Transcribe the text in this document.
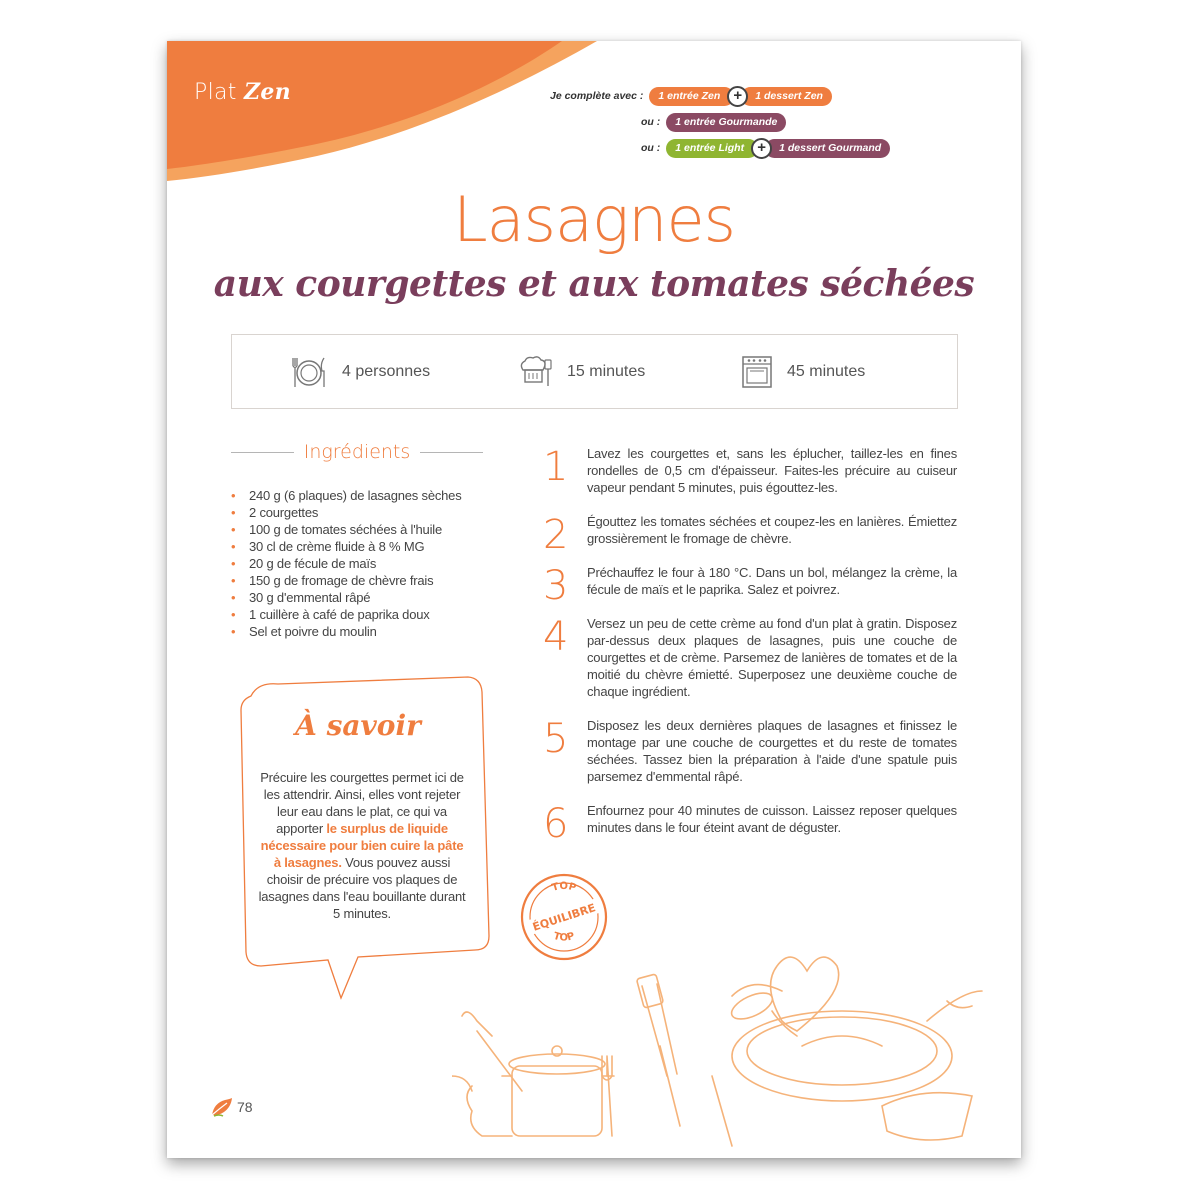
Plat Zen	Je complète avec :	1 entrée Zen +	1 dessert Zen
ou :	1 entrée Gourmande
ou :	1 entrée Light +	1 dessert Gourmand
Lasagnes
aux courgettes et aux tomates séchées
4 personnes	15 minutes	45 minutes
Ingrédients
• 240 g (6 plaques) de lasagnes sèches
• 2 courgettes
• 100 g de tomates séchées à l'huile
• 30 cl de crème fluide à 8 % MG
• 20 g de fécule de maïs
• 150 g de fromage de chèvre frais
• 30 g d'emmental râpé
• 1 cuillère à café de paprika doux
• Sel et poivre du moulin
À savoir
Précuire les courgettes permet ici de les attendrir. Ainsi, elles vont rejeter leur eau dans le plat, ce qui va apporter le surplus de liquide nécessaire pour bien cuire la pâte à lasagnes. Vous pouvez aussi choisir de précuire vos plaques de lasagnes dans l'eau bouillante durant 5 minutes.
1 Lavez les courgettes et, sans les éplucher, taillez-les en fines rondelles de 0,5 cm d'épaisseur. Faites-les précuire au cuiseur vapeur pendant 5 minutes, puis égouttez-les.
2 Égouttez les tomates séchées et coupez-les en lanières. Émiettez grossièrement le fromage de chèvre.
3 Préchauffez le four à 180 °C. Dans un bol, mélangez la crème, la fécule de maïs et le paprika. Salez et poivrez.
4 Versez un peu de cette crème au fond d'un plat à gratin. Disposez par-dessus deux plaques de lasagnes, puis une couche de courgettes et de crème. Parsemez de lanières de tomates et de la moitié du chèvre émietté. Superposez une deuxième couche de chaque ingrédient.
5 Disposez les deux dernières plaques de lasagnes et finissez le montage par une couche de courgettes et du reste de tomates séchées. Tassez bien la préparation à l'aide d'une spatule puis parsemez d'emmental râpé.
6 Enfournez pour 40 minutes de cuisson. Laissez reposer quelques minutes dans le four éteint avant de déguster.
TOP
TOP
ÉQUILIBRE
78
